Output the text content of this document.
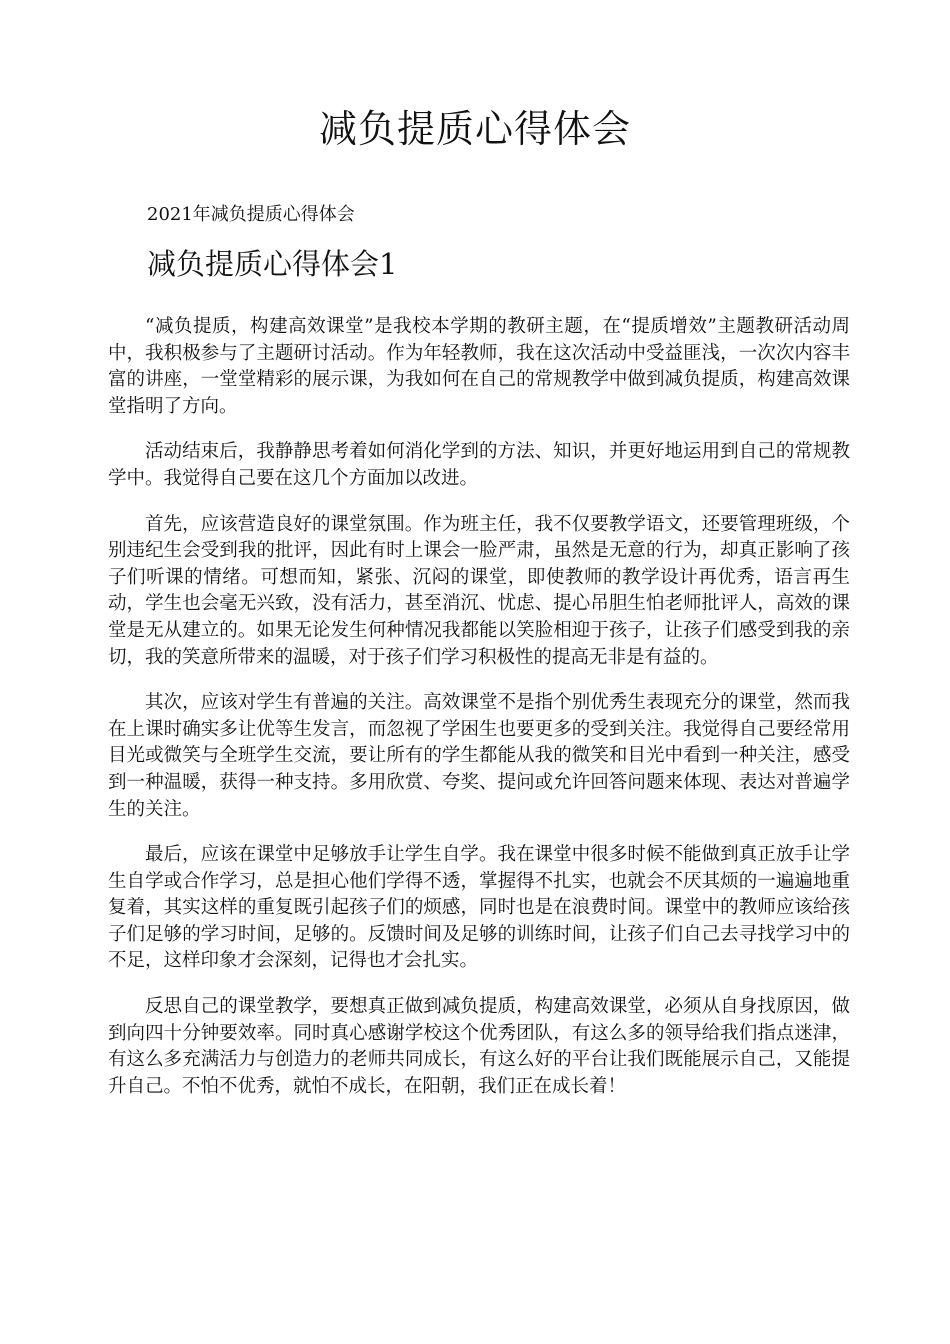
减负提质心得体会

2021年减负提质心得体会

减负提质心得体会1

“减负提质，构建高效课堂”是我校本学期的教研主题，在“提质增效”主题教研活动周中，我积极参与了主题研讨活动。作为年轻教师，我在这次活动中受益匪浅，一次次内容丰富的讲座，一堂堂精彩的展示课，为我如何在自己的常规教学中做到减负提质，构建高效课堂指明了方向。

活动结束后，我静静思考着如何消化学到的方法、知识，并更好地运用到自己的常规教学中。我觉得自己要在这几个方面加以改进。

首先，应该营造良好的课堂氛围。作为班主任，我不仅要教学语文，还要管理班级，个别违纪生会受到我的批评，因此有时上课会一脸严肃，虽然是无意的行为，却真正影响了孩子们听课的情绪。可想而知，紧张、沉闷的课堂，即使教师的教学设计再优秀，语言再生动，学生也会毫无兴致，没有活力，甚至消沉、忧虑、提心吊胆生怕老师批评人，高效的课堂是无从建立的。如果无论发生何种情况我都能以笑脸相迎于孩子，让孩子们感受到我的亲切，我的笑意所带来的温暖，对于孩子们学习积极性的提高无非是有益的。

其次，应该对学生有普遍的关注。高效课堂不是指个别优秀生表现充分的课堂，然而我在上课时确实多让优等生发言，而忽视了学困生也要更多的受到关注。我觉得自己要经常用目光或微笑与全班学生交流，要让所有的学生都能从我的微笑和目光中看到一种关注，感受到一种温暖，获得一种支持。多用欣赏、夸奖、提问或允许回答问题来体现、表达对普遍学生的关注。

最后，应该在课堂中足够放手让学生自学。我在课堂中很多时候不能做到真正放手让学生自学或合作学习，总是担心他们学得不透，掌握得不扎实，也就会不厌其烦的一遍遍地重复着，其实这样的重复既引起孩子们的烦感，同时也是在浪费时间。课堂中的教师应该给孩子们足够的学习时间，足够的。反馈时间及足够的训练时间，让孩子们自己去寻找学习中的不足，这样印象才会深刻，记得也才会扎实。

反思自己的课堂教学，要想真正做到减负提质，构建高效课堂，必须从自身找原因，做到向四十分钟要效率。同时真心感谢学校这个优秀团队，有这么多的领导给我们指点迷津，有这么多充满活力与创造力的老师共同成长，有这么好的平台让我们既能展示自己，又能提升自己。不怕不优秀，就怕不成长，在阳朝，我们正在成长着！
